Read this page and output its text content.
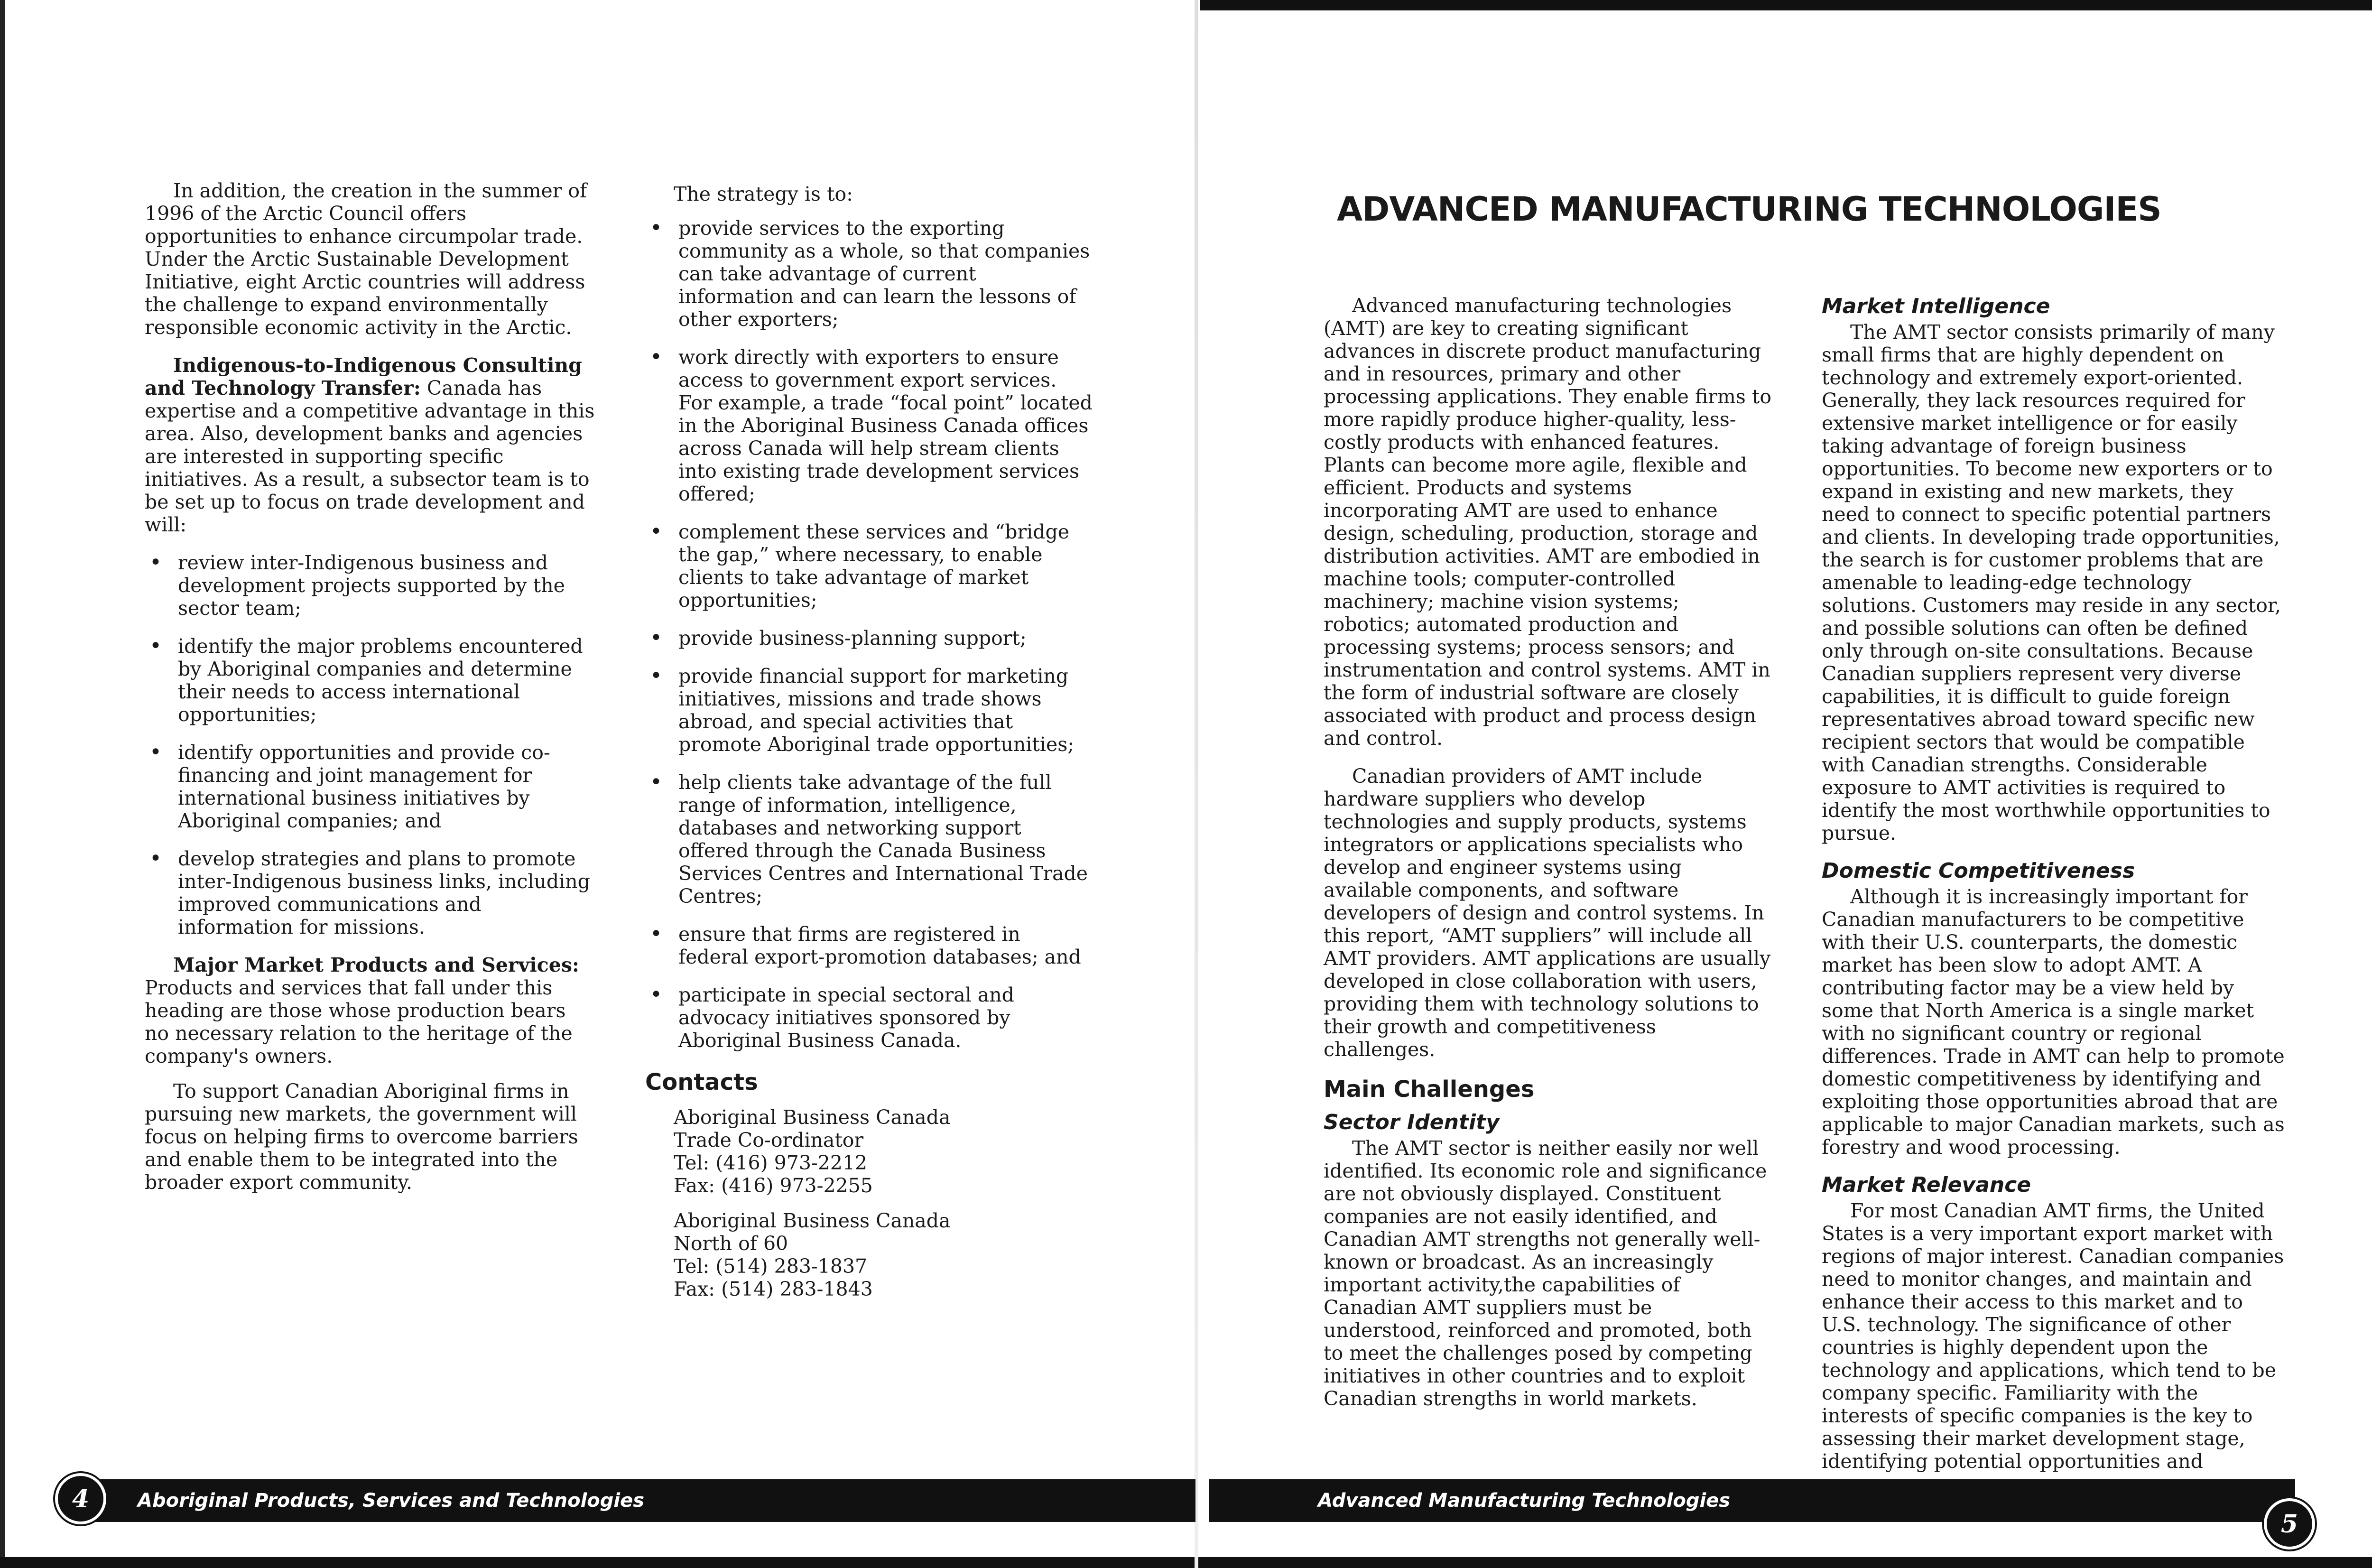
In addition, the creation in the summer of 1996 of the Arctic Council offers opportunities to enhance circumpolar trade. Under the Arctic Sustainable Development Initiative, eight Arctic countries will address the challenge to expand environmentally responsible economic activity in the Arctic.

Indigenous-to-Indigenous Consulting and Technology Transfer: Canada has expertise and a competitive advantage in this area. Also, development banks and agencies are interested in supporting specific initiatives. As a result, a subsector team is to be set up to focus on trade development and will:

• review inter-Indigenous business and development projects supported by the sector team;
• identify the major problems encountered by Aboriginal companies and determine their needs to access international opportunities;
• identify opportunities and provide co-financing and joint management for international business initiatives by Aboriginal companies; and
• develop strategies and plans to promote inter-Indigenous business links, including improved communications and information for missions.

Major Market Products and Services: Products and services that fall under this heading are those whose production bears no necessary relation to the heritage of the company's owners.

To support Canadian Aboriginal firms in pursuing new markets, the government will focus on helping firms to overcome barriers and enable them to be integrated into the broader export community.

The strategy is to:

• provide services to the exporting community as a whole, so that companies can take advantage of current information and can learn the lessons of other exporters;
• work directly with exporters to ensure access to government export services. For example, a trade “focal point” located in the Aboriginal Business Canada offices across Canada will help stream clients into existing trade development services offered;
• complement these services and “bridge the gap,” where necessary, to enable clients to take advantage of market opportunities;
• provide business-planning support;
• provide financial support for marketing initiatives, missions and trade shows abroad, and special activities that promote Aboriginal trade opportunities;
• help clients take advantage of the full range of information, intelligence, databases and networking support offered through the Canada Business Services Centres and International Trade Centres;
• ensure that firms are registered in federal export-promotion databases; and
• participate in special sectoral and advocacy initiatives sponsored by Aboriginal Business Canada.
Contacts
Aboriginal Business Canada
Trade Co-ordinator
Tel: (416) 973-2212
Fax: (416) 973-2255
Aboriginal Business Canada
North of 60
Tel: (514) 283-1837
Fax: (514) 283-1843
ADVANCED MANUFACTURING TECHNOLOGIES

Advanced manufacturing technologies (AMT) are key to creating significant advances in discrete product manufacturing and in resources, primary and other processing applications. They enable firms to more rapidly produce higher-quality, less-costly products with enhanced features. Plants can become more agile, flexible and efficient. Products and systems incorporating AMT are used to enhance design, scheduling, production, storage and distribution activities. AMT are embodied in machine tools; computer-controlled machinery; machine vision systems; robotics; automated production and processing systems; process sensors; and instrumentation and control systems. AMT in the form of industrial software are closely associated with product and process design and control.

Canadian providers of AMT include hardware suppliers who develop technologies and supply products, systems integrators or applications specialists who develop and engineer systems using available components, and software developers of design and control systems. In this report, “AMT suppliers” will include all AMT providers. AMT applications are usually developed in close collaboration with users, providing them with technology solutions to their growth and competitiveness challenges.

Main Challenges
Sector Identity

The AMT sector is neither easily nor well identified. Its economic role and significance are not obviously displayed. Constituent companies are not easily identified, and Canadian AMT strengths not generally well-known or broadcast. As an increasingly important activity,the capabilities of Canadian AMT suppliers must be understood, reinforced and promoted, both to meet the challenges posed by competing initiatives in other countries and to exploit Canadian strengths in world markets.

Market Intelligence

The AMT sector consists primarily of many small firms that are highly dependent on technology and extremely export-oriented. Generally, they lack resources required for extensive market intelligence or for easily taking advantage of foreign business opportunities. To become new exporters or to expand in existing and new markets, they need to connect to specific potential partners and clients. In developing trade opportunities, the search is for customer problems that are amenable to leading-edge technology solutions. Customers may reside in any sector, and possible solutions can often be defined only through on-site consultations. Because Canadian suppliers represent very diverse capabilities, it is difficult to guide foreign representatives abroad toward specific new recipient sectors that would be compatible with Canadian strengths. Considerable exposure to AMT activities is required to identify the most worthwhile opportunities to pursue.

Domestic Competitiveness

Although it is increasingly important for Canadian manufacturers to be competitive with their U.S. counterparts, the domestic market has been slow to adopt AMT. A contributing factor may be a view held by some that North America is a single market with no significant country or regional differences. Trade in AMT can help to promote domestic competitiveness by identifying and exploiting those opportunities abroad that are applicable to major Canadian markets, such as forestry and wood processing.

Market Relevance

For most Canadian AMT firms, the United States is a very important export market with regions of major interest. Canadian companies need to monitor changes, and maintain and enhance their access to this market and to U.S. technology. The significance of other countries is highly dependent upon the technology and applications, which tend to be company specific. Familiarity with the interests of specific companies is the key to assessing their market development stage, identifying potential opportunities and

Aboriginal Products, Services and Technologies
4	Advanced Manufacturing Technologies
5
